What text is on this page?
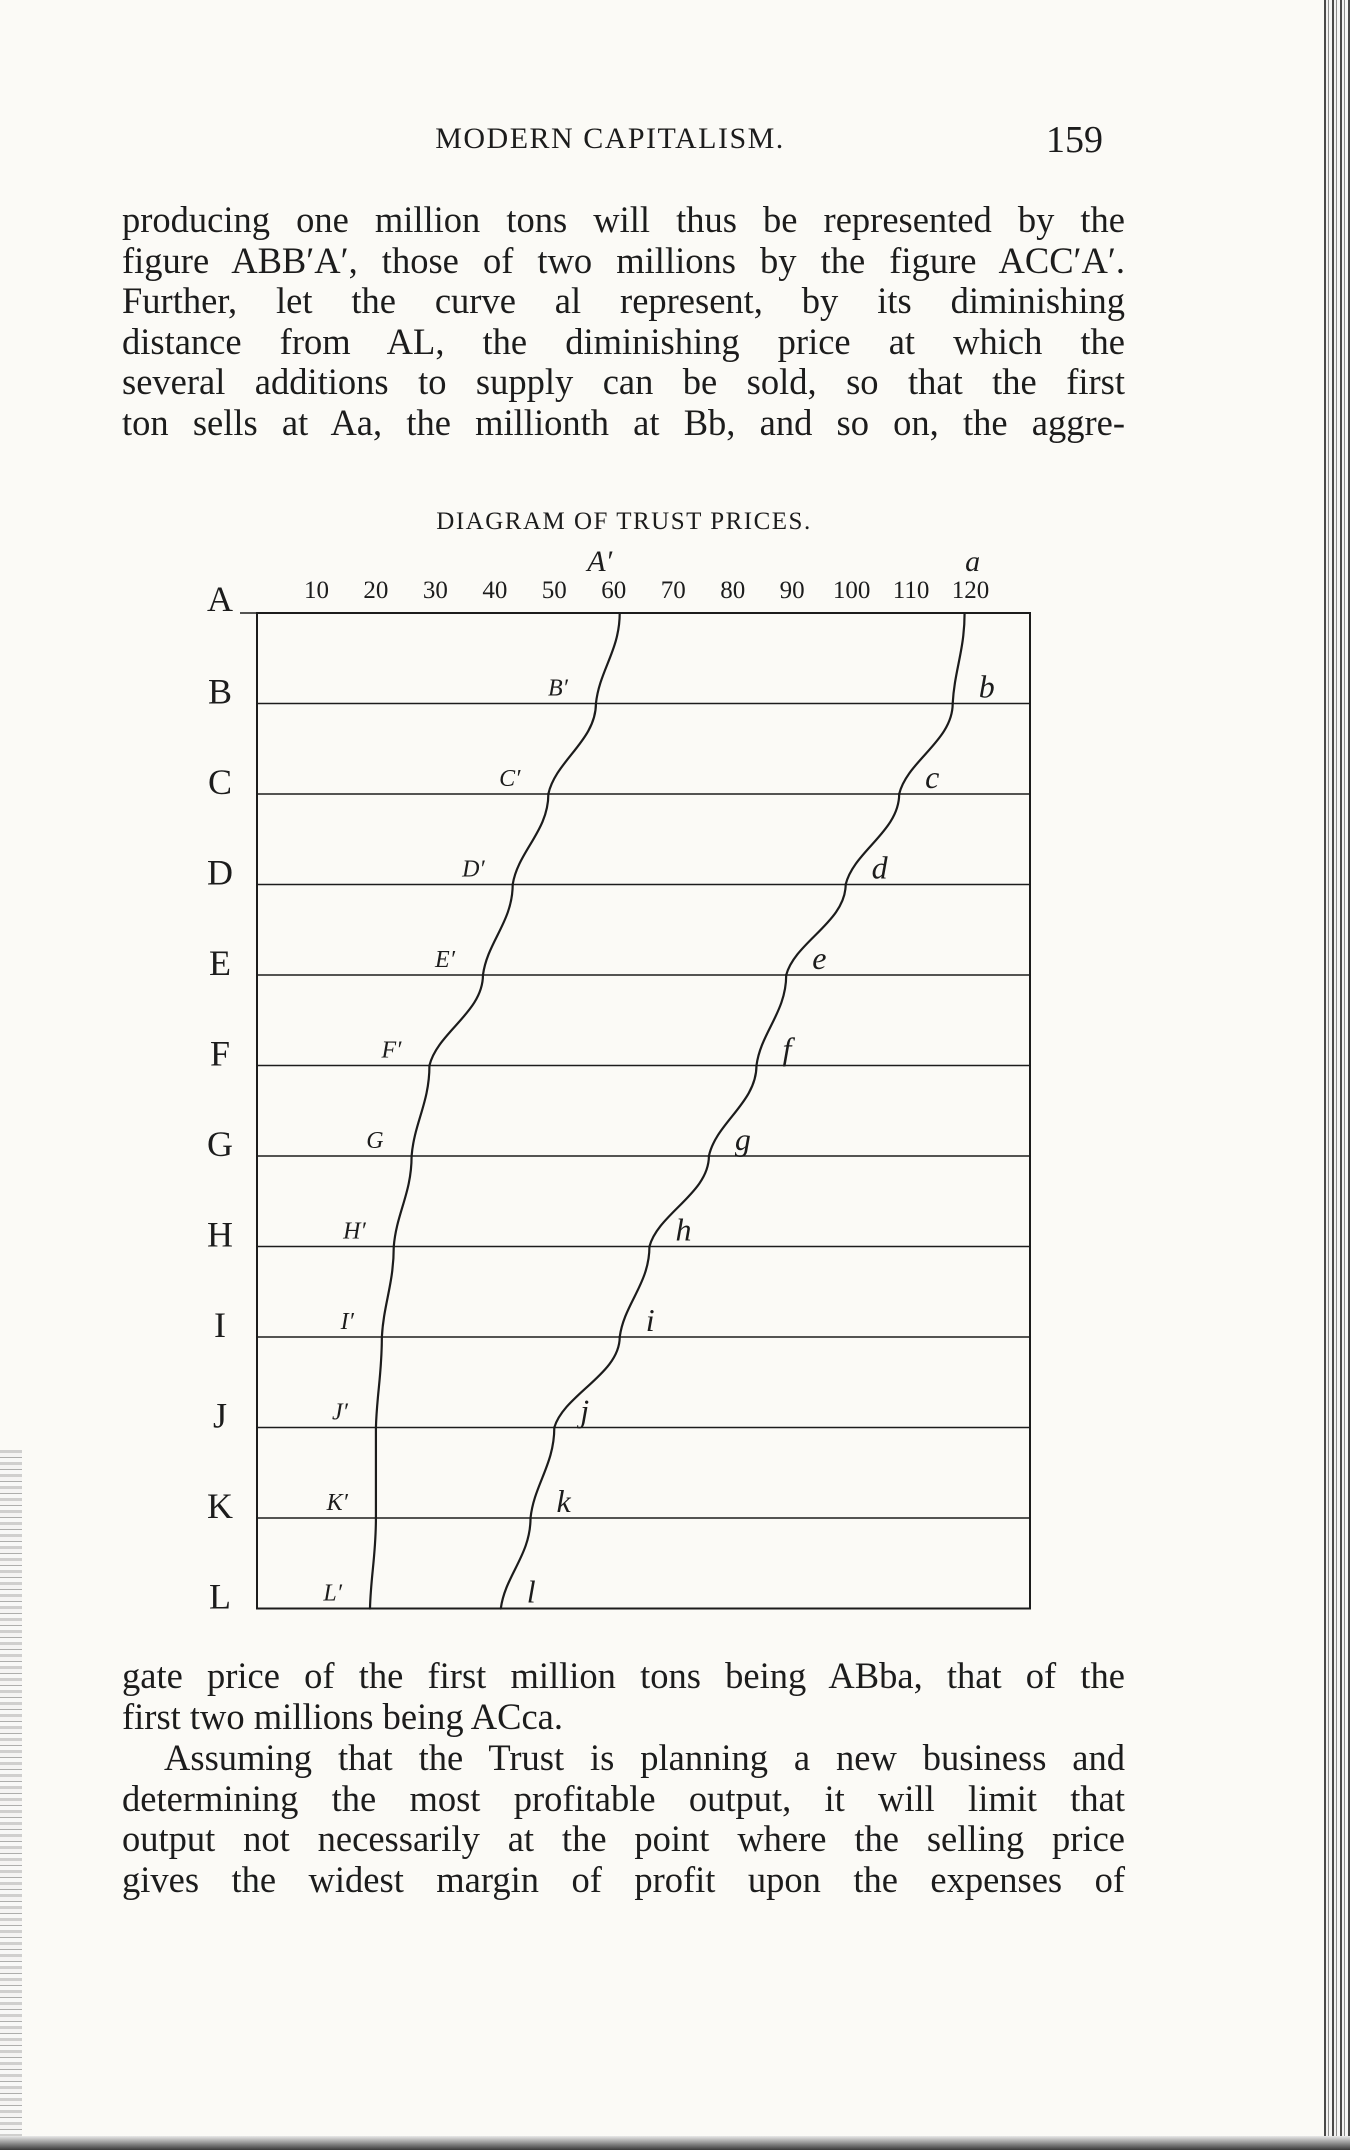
MODERN CAPITALISM.	159
producing one million tons will thus be represented by the
figure ABB′A′, those of two millions by the figure ACC′A′.
Further, let the curve al represent, by its diminishing
distance from AL, the diminishing price at which the
several additions to supply can be sold, so that the first
ton sells at Aa, the millionth at Bb, and so on, the aggre-
DIAGRAM OF TRUST PRICES.
A
B
C
D
E
F
G
H
I
J
K
L
10 20 30 40 50 60 70 80 90 100 110 120
A′
B′
C′
D′
E′
F′
G
H′
I′
J′
K′
L′
a
b
c
d
e
f
g
h
i
j
k
l
gate price of the first million tons being ABba, that of the
first two millions being ACca.
Assuming that the Trust is planning a new business and
determining the most profitable output, it will limit that
output not necessarily at the point where the selling price
gives the widest margin of profit upon the expenses of
